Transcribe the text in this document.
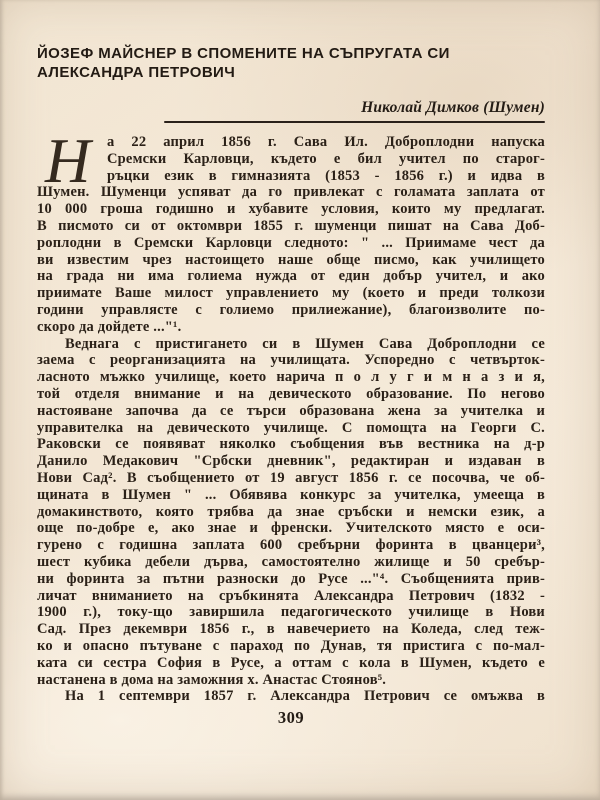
ЙОЗЕФ МАЙСНЕР В СПОМЕНИТЕ НА СЪПРУГАТА СИ
АЛЕКСАНДРА ПЕТРОВИЧ
Николай Димков (Шумен)
Н	а 22 април 1856 г. Сава Ил. Доброплодни напуска
Сремски Карловци, където е бил учител по старог-
ръцки език в гимназията (1853 - 1856 г.) и идва в
Шумен. Шуменци успяват да го привлекат с голамата заплата от
10 000 гроша годишно и хубавите условия, които му предлагат.
В писмото си от октомври 1855 г. шуменци пишат на Сава Доб-
роплодни в Сремски Карловци следното: " ... Приимаме чест да
ви известим чрез настоището наше обще писмо, как училището
на града ни има голиема нужда от един добър учител, и ако
приимате Ваше милост управлението му (което и преди толкози
години управлясте с голиемо прилиежание), благоизволите по-
скоро да дойдете ..."¹.
Веднага с пристигането си в Шумен Сава Доброплодни се
заема с реорганизацията на училищата. Успоредно с четвърток-
ласното мъжко училище, което нарича п о л у г и м н а з и я,
той отделя внимание и на девическото образование. По негово
настояване започва да се търси образована жена за учителка и
управителка на девическото училище. С помощта на Георги С.
Раковски се появяват няколко съобщения във вестника на д-р
Данило Медакович "Србски дневник", редактиран и издаван в
Нови Сад². В съобщението от 19 август 1856 г. се посочва, че об-
щината в Шумен " ... Обявява конкурс за учителка, умееща в
домакинството, която трябва да знае сръбски и немски език, а
още по-добре е, ако знае и френски. Учителското място е оси-
гурено с годишна заплата 600 сребърни форинта в цванцери³,
шест кубика дебели дърва, самостоятелно жилище и 50 сребър-
ни форинта за пътни разноски до Русе ..."⁴. Съобщенията прив-
личат вниманието на сръбкинята Александра Петрович (1832 -
1900 г.), току-що завиршила педагогическото училище в Нови
Сад. През декември 1856 г., в навечерието на Коледа, след теж-
ко и опасно пътуване с параход по Дунав, тя пристига с по-мал-
ката си сестра София в Русе, а оттам с кола в Шумен, където е
настанена в дома на заможния х. Анастас Стоянов⁵.
На 1 септември 1857 г. Александра Петрович се омъжва в
309
